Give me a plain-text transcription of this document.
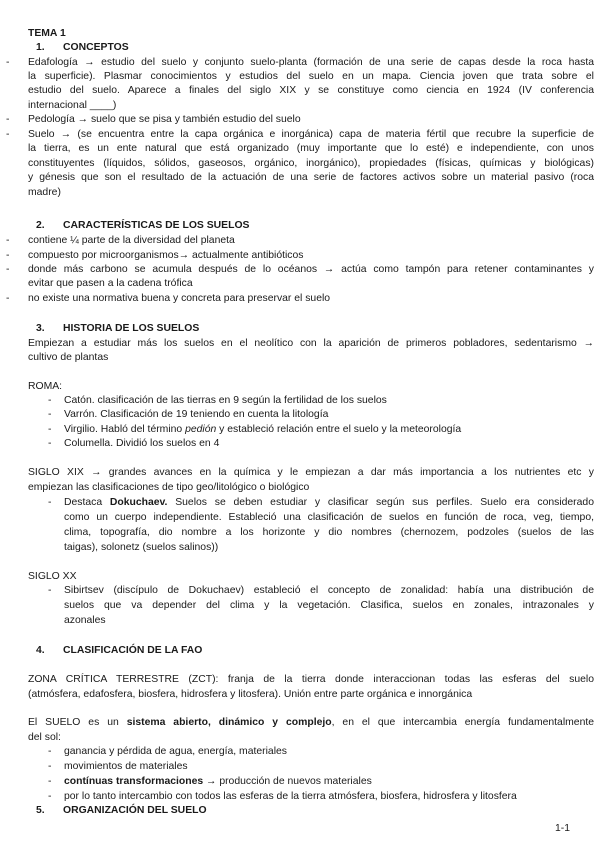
TEMA 1
1. CONCEPTOS
- Edafología → estudio del suelo y conjunto suelo-planta (formación de una serie de capas desde la roca hasta
la superficie). Plasmar conocimientos y estudios del suelo en un mapa. Ciencia joven que trata sobre el
estudio del suelo. Aparece a finales del siglo XIX y se constituye como ciencia en 1924 (IV conferencia
internacional ____)
- Pedología → suelo que se pisa y también estudio del suelo
- Suelo → (se encuentra entre la capa orgánica e inorgánica) capa de materia fértil que recubre la superficie de
la tierra, es un ente natural que está organizado (muy importante que lo esté) e independiente, con unos
constituyentes (líquidos, sólidos, gaseosos, orgánico, inorgánico), propiedades (físicas, químicas y biológicas)
y génesis que son el resultado de la actuación de una serie de factores activos sobre un material pasivo (roca
madre)
2. CARACTERÍSTICAS DE LOS SUELOS
- contiene ¼ parte de la diversidad del planeta
- compuesto por microorganismos→ actualmente antibióticos
- donde más carbono se acumula después de lo océanos → actúa como tampón para retener contaminantes y
evitar que pasen a la cadena trófica
- no existe una normativa buena y concreta para preservar el suelo
3. HISTORIA DE LOS SUELOS
Empiezan a estudiar más los suelos en el neolítico con la aparición de primeros pobladores, sedentarismo →
cultivo de plantas
ROMA:
- Catón. clasificación de las tierras en 9 según la fertilidad de los suelos
- Varrón. Clasificación de 19 teniendo en cuenta la litología
- Virgilio. Habló del término pedión y estableció relación entre el suelo y la meteorología
- Columella. Dividió los suelos en 4
SIGLO XIX → grandes avances en la química y le empiezan a dar más importancia a los nutrientes etc y
empiezan las clasificaciones de tipo geo/litológico o biológico
- Destaca Dokuchaev. Suelos se deben estudiar y clasificar según sus perfiles. Suelo era considerado
como un cuerpo independiente. Estableció una clasificación de suelos en función de roca, veg, tiempo,
clima, topografía, dio nombre a los horizonte y dio nombres (chernozem, podzoles (suelos de las
taigas), solonetz (suelos salinos))
SIGLO XX
- Sibirtsev (discípulo de Dokuchaev) estableció el concepto de zonalidad: había una distribución de
suelos que va depender del clima y la vegetación. Clasifica, suelos en zonales, intrazonales y
azonales
4. CLASIFICACIÓN DE LA FAO
ZONA CRÍTICA TERRESTRE (ZCT): franja de la tierra donde interaccionan todas las esferas del suelo
(atmósfera, edafosfera, biosfera, hidrosfera y litosfera). Unión entre parte orgánica e innorgánica
El SUELO es un sistema abierto, dinámico y complejo, en el que intercambia energía fundamentalmente
del sol:
- ganancia y pérdida de agua, energía, materiales
- movimientos de materiales
- contínuas transformaciones → producción de nuevos materiales
- por lo tanto intercambio con todos las esferas de la tierra atmósfera, biosfera, hidrosfera y litosfera
5. ORGANIZACIÓN DEL SUELO
1-1
